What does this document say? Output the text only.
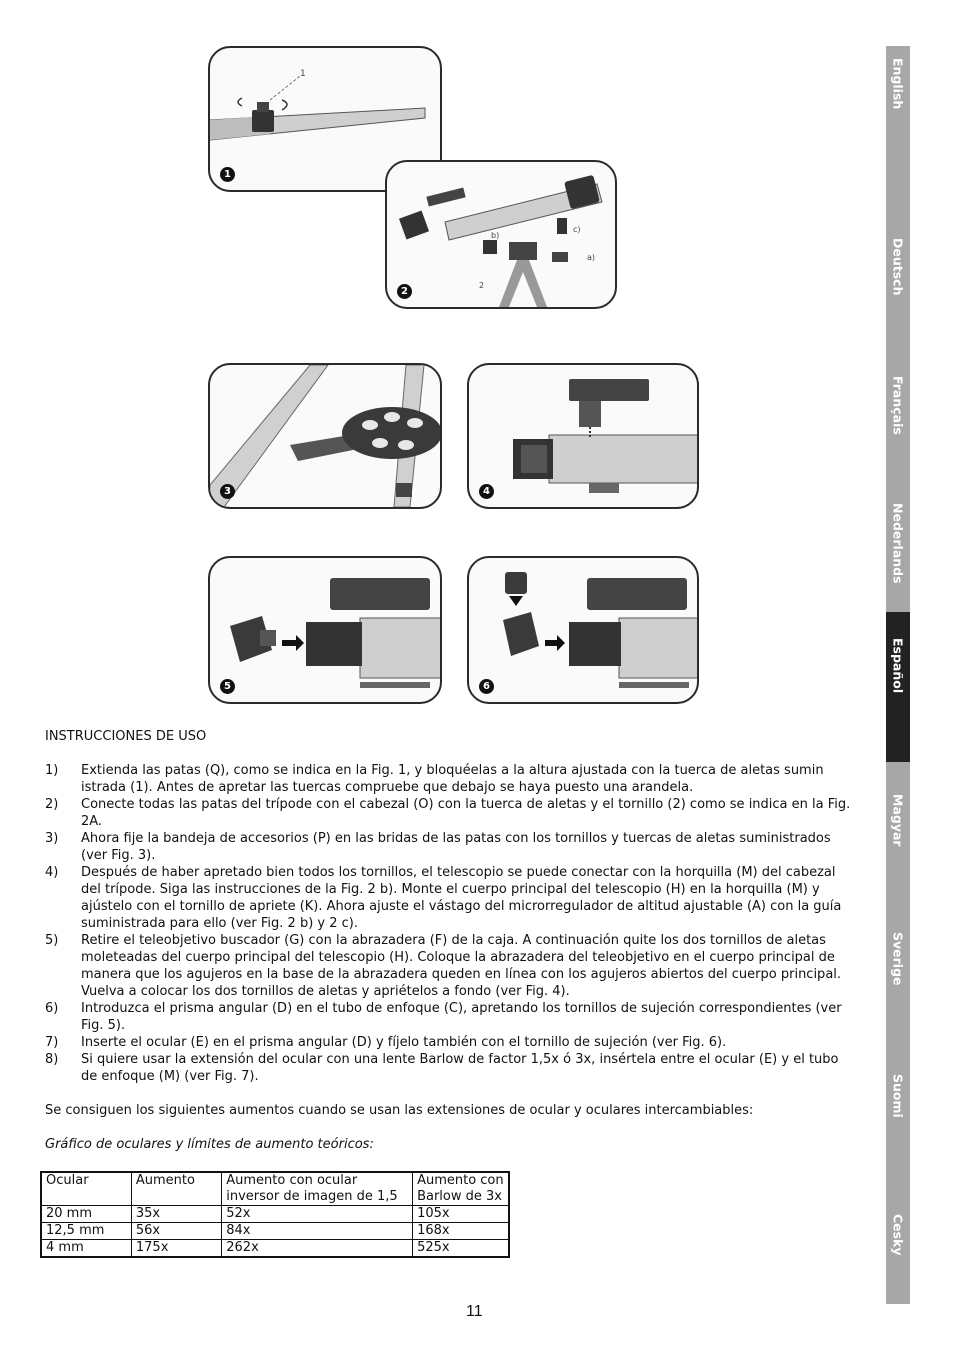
1
1
b)
c)
a)
2
2
3	4
5	6
English
Deutsch
Français
Nederlands
Español
Magyar
Sverige
Suomi
Cesky

INSTRUCCIONES DE USO

1) Extienda las patas (Q), como se indica en la Fig. 1, y bloquéelas a la altura ajustada con la tuerca de aletas sumin istrada (1). Antes de apretar las tuercas compruebe que debajo se haya puesto una arandela.
2) Conecte todas las patas del trípode con el cabezal (O) con la tuerca de aletas y el tornillo (2) como se indica en la Fig. 2A.
3) Ahora fije la bandeja de accesorios (P) en las bridas de las patas con los tornillos y tuercas de aletas suministrados (ver Fig. 3).
4) Después de haber apretado bien todos los tornillos, el telescopio se puede conectar con la horquilla (M) del cabezal del trípode. Siga las instrucciones de la Fig. 2 b). Monte el cuerpo principal del telescopio (H) en la horquilla (M) y ajústelo con el tornillo de apriete (K). Ahora ajuste el vástago del microrregulador de altitud ajustable (A) con la guía suministrada para ello (ver Fig. 2 b) y 2 c).
5) Retire el teleobjetivo buscador (G) con la abrazadera (F) de la caja. A continuación quite los dos tornillos de aletas moleteadas del cuerpo principal del telescopio (H). Coloque la abrazadera del teleobjetivo en el cuerpo principal de manera que los agujeros en la base de la abrazadera queden en línea con los agujeros abiertos del cuerpo principal. Vuelva a colocar los dos tornillos de aletas y apriételos a fondo (ver Fig. 4).
6) Introduzca el prisma angular (D) en el tubo de enfoque (C), apretando los tornillos de sujeción correspondientes (ver Fig. 5).
7) Inserte el ocular (E) en el prisma angular (D) y fíjelo también con el tornillo de sujeción (ver Fig. 6).
8) Si quiere usar la extensión del ocular con una lente Barlow de factor 1,5x ó 3x, insértela entre el ocular (E) y el tubo de enfoque (M) (ver Fig. 7).

Se consiguen los siguientes aumentos cuando se usan las extensiones de ocular y oculares intercambiables:

Gráfico de oculares y límites de aumento teóricos:

Ocular	Aumento	Aumento con ocular inversor de imagen de 1,5	Aumento con Barlow de 3x
20 mm	35x	52x	105x
12,5 mm	56x	84x	168x
4 mm	175x	262x	525x
11
